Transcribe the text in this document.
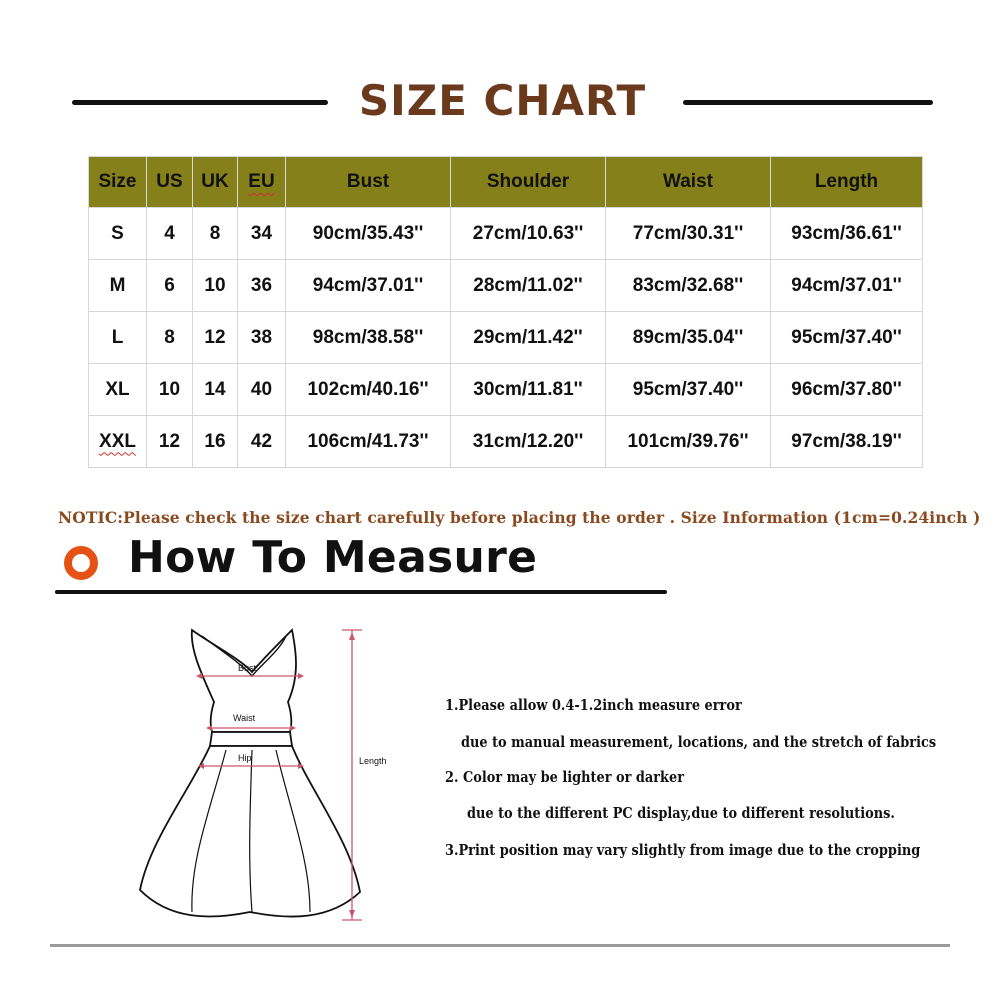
SIZE CHART
Size	US	UK	EU	Bust	Shoulder	Waist	Length
S	4	8	34	90cm/35.43''	27cm/10.63''	77cm/30.31''	93cm/36.61''
M	6	10	36	94cm/37.01''	28cm/11.02''	83cm/32.68''	94cm/37.01''
L	8	12	38	98cm/38.58''	29cm/11.42''	89cm/35.04''	95cm/37.40''
XL	10	14	40	102cm/40.16''	30cm/11.81''	95cm/37.40''	96cm/37.80''
XXL	12	16	42	106cm/41.73''	31cm/12.20''	101cm/39.76''	97cm/38.19''
NOTIC:Please check the size chart carefully before placing the order . Size Information (1cm=0.24inch )
How To Measure
Bust
Waist
Hip	Length
1.Please allow 0.4-1.2inch measure error
due to manual measurement, locations, and the stretch of fabrics
2. Color may be lighter or darker
due to the different PC display,due to different resolutions.
3.Print position may vary slightly from image due to the cropping
